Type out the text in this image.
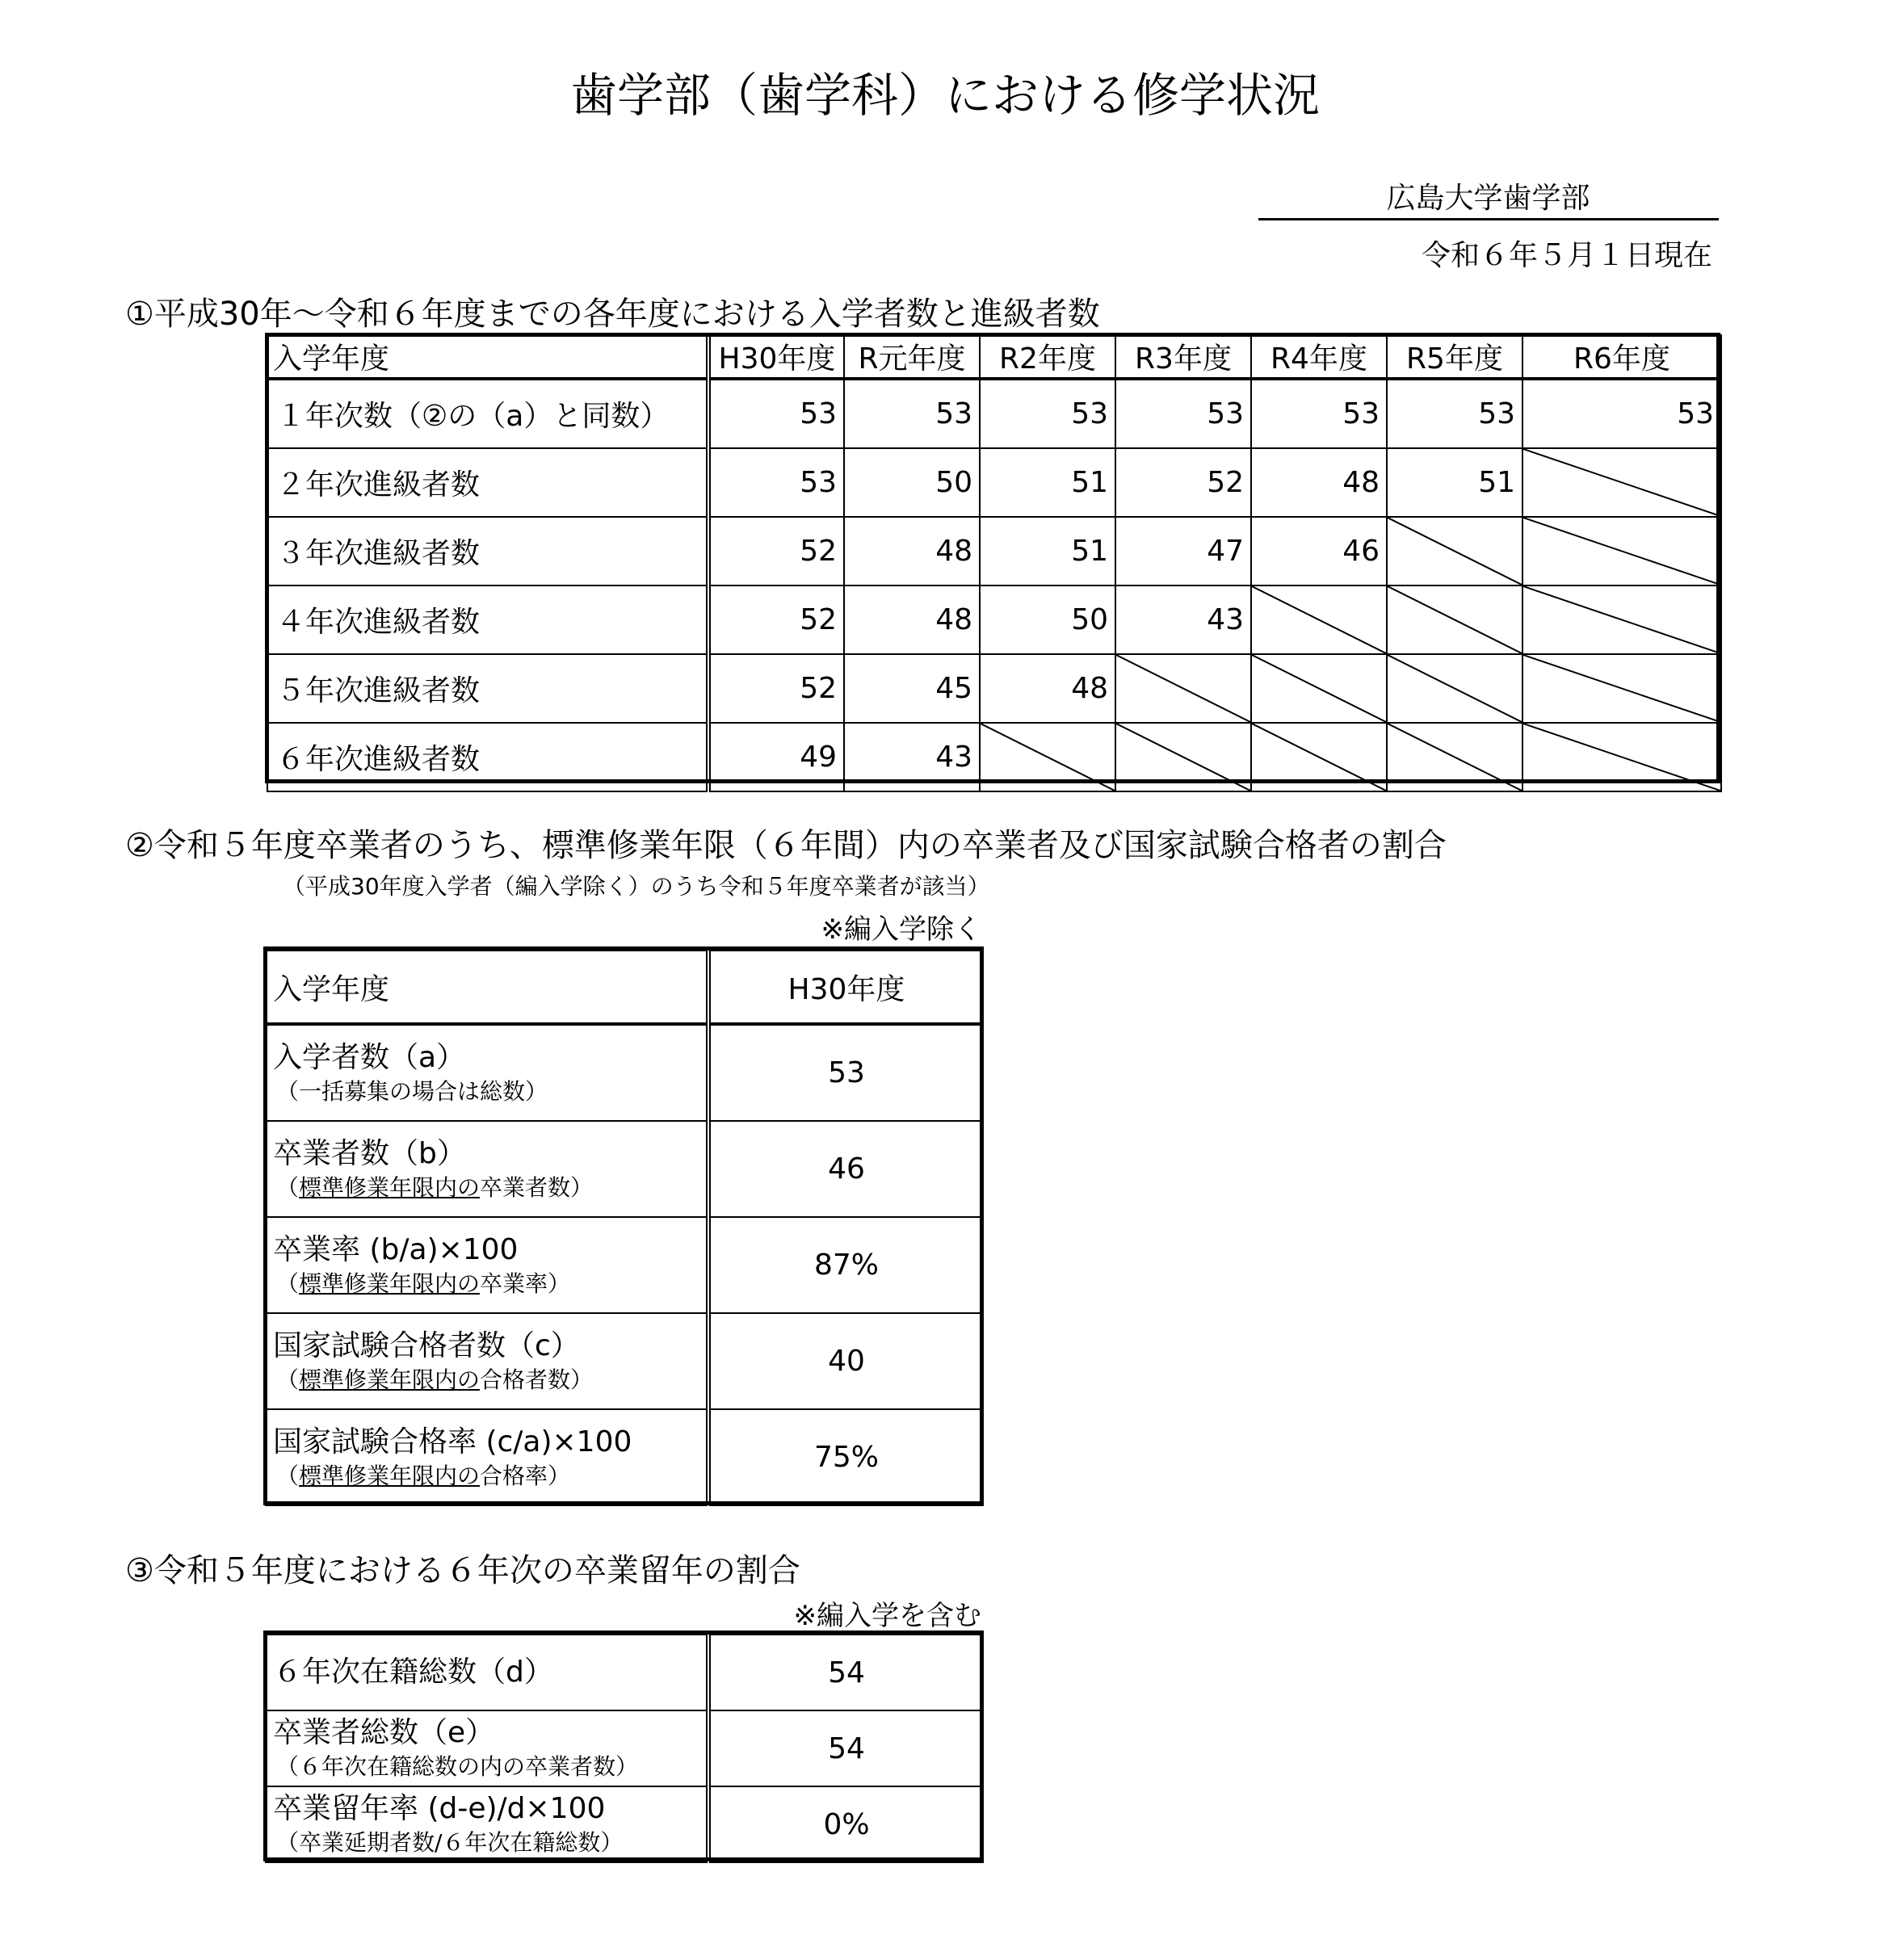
歯学部（歯学科）における修学状況
広島大学歯学部
令和６年５月１日現在
①平成30年～令和６年度までの各年度における入学者数と進級者数
入学年度	H30年度	R元年度	R2年度	R3年度	R4年度	R5年度	R6年度
１年次数（②の（a）と同数）	53	53	53	53	53	53	53
２年次進級者数	53	50	51	52	48	51	

３年次進級者数	52	48	51	47	46	

４年次進級者数	52	48	50	43	

５年次進級者数	52	45	48	

６年次進級者数	49	43	

②令和５年度卒業者のうち、標準修業年限（６年間）内の卒業者及び国家試験合格者の割合
（平成30年度入学者（編入学除く）のうち令和５年度卒業者が該当）
※編入学除く
入学年度	H30年度

入学者数（a）
（一括募集の場合は総数）	53

卒業者数（b）
（標準修業年限内の卒業者数）	46

卒業率 (b/a)×100
（標準修業年限内の卒業率）	87%

国家試験合格者数（c）
（標準修業年限内の合格者数）	40

国家試験合格率 (c/a)×100
（標準修業年限内の合格率）	75%
③令和５年度における６年次の卒業留年の割合
※編入学を含む
６年次在籍総数（d）	54

卒業者総数（e）
（６年次在籍総数の内の卒業者数）	54

卒業留年率 (d-e)/d×100
（卒業延期者数/６年次在籍総数）	0%
